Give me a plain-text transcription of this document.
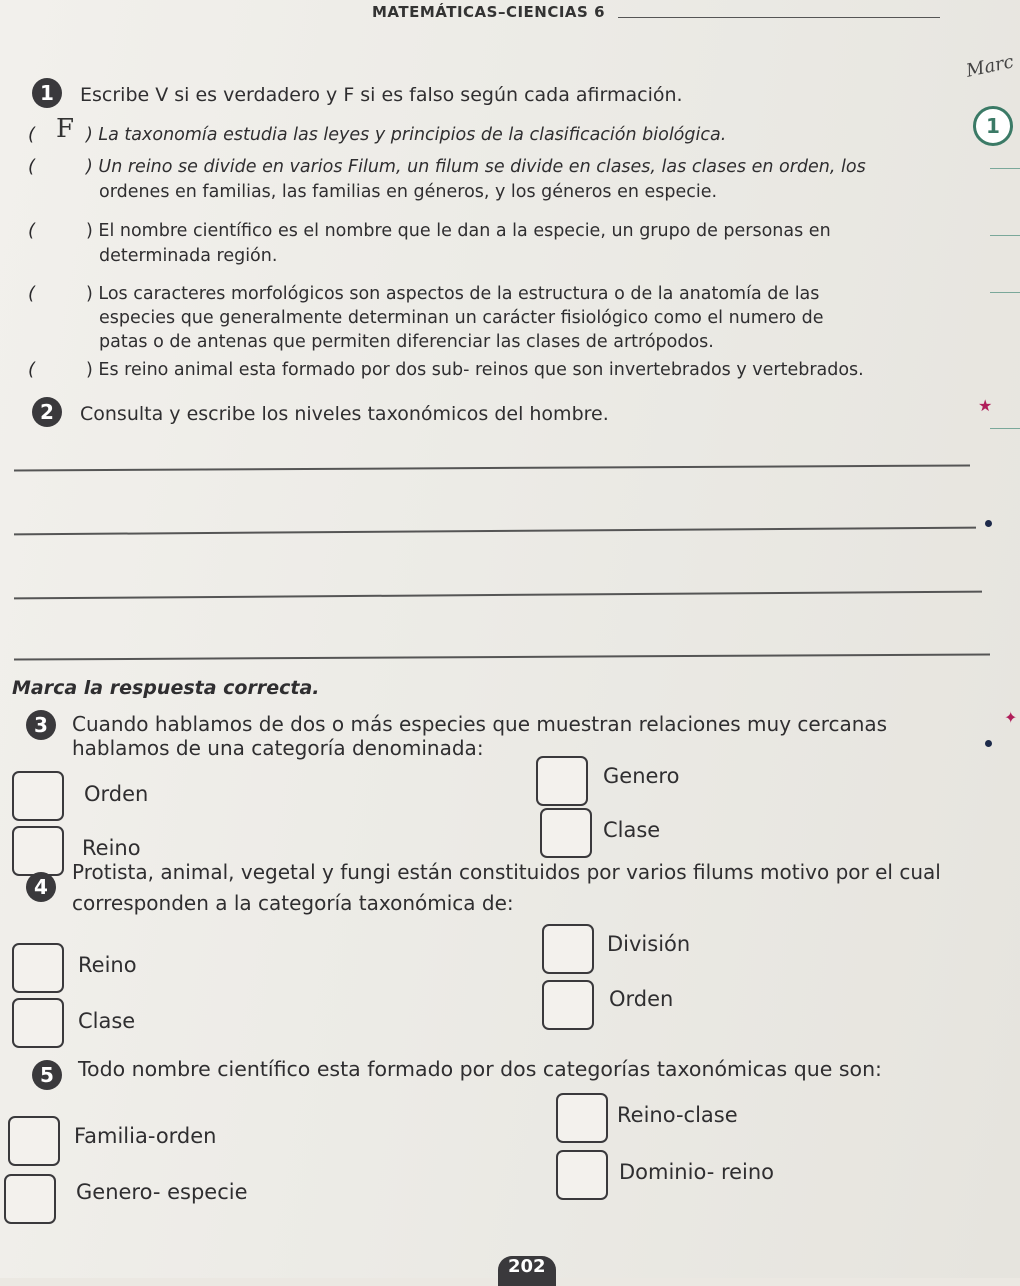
MATEMÁTICAS–CIENCIAS 6
Marc
1
1	Escribe V si es verdadero y F si es falso según cada afirmación.
( F ) La taxonomía estudia las leyes y principios de la clasificación biológica.
(	) Un reino se divide en varios Filum, un filum se divide en clases, las clases en orden, los
ordenes en familias, las familias en géneros, y los géneros en especie.
(	) El nombre científico es el nombre que le dan a la especie, un grupo de personas en
determinada región.
(	) Los caracteres morfológicos son aspectos de la estructura o de la anatomía de las
especies que generalmente determinan un carácter fisiológico como el numero de
patas o de antenas que permiten diferenciar las clases de artrópodos.
(	) Es reino animal esta formado por dos sub- reinos que son invertebrados y vertebrados.
2	Consulta y escribe los niveles taxonómicos del hombre.	★
Marca la respuesta correcta.
3	Cuando hablamos de dos o más especies que muestran relaciones muy cercanas
hablamos de una categoría denominada:
✦
Orden
Genero
Reino
Clase
4
Protista, animal, vegetal y fungi están constituidos por varios filums motivo por el cual
corresponden a la categoría taxonómica de:
Reino
División
Clase
Orden
5	Todo nombre científico esta formado por dos categorías taxonómicas que son:
Familia-orden
Reino-clase
Genero- especie
Dominio- reino
202
